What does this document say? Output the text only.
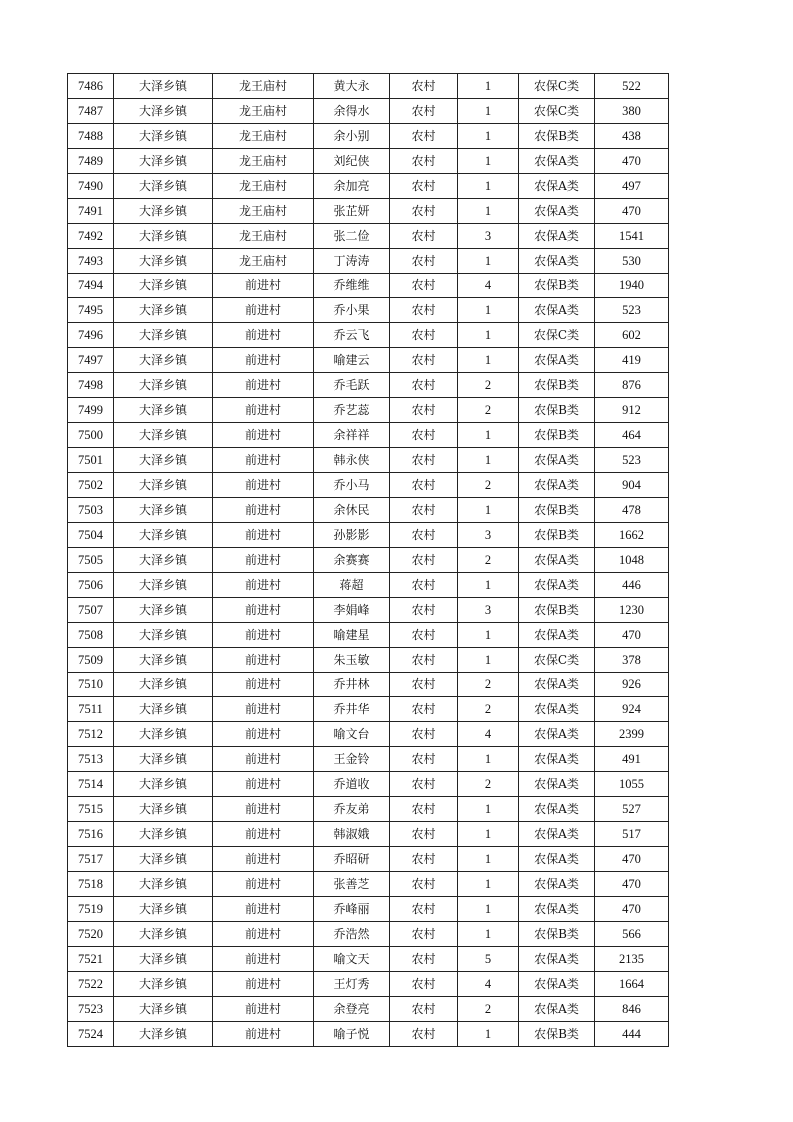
7486	大泽乡镇	龙王庙村	黄大永	农村	1	农保C类	522
7487	大泽乡镇	龙王庙村	余得水	农村	1	农保C类	380
7488	大泽乡镇	龙王庙村	余小别	农村	1	农保B类	438
7489	大泽乡镇	龙王庙村	刘纪侠	农村	1	农保A类	470
7490	大泽乡镇	龙王庙村	余加亮	农村	1	农保A类	497
7491	大泽乡镇	龙王庙村	张芷妍	农村	1	农保A类	470
7492	大泽乡镇	龙王庙村	张二俭	农村	3	农保A类	1541
7493	大泽乡镇	龙王庙村	丁涛涛	农村	1	农保A类	530
7494	大泽乡镇	前进村	乔维维	农村	4	农保B类	1940
7495	大泽乡镇	前进村	乔小果	农村	1	农保A类	523
7496	大泽乡镇	前进村	乔云飞	农村	1	农保C类	602
7497	大泽乡镇	前进村	喻建云	农村	1	农保A类	419
7498	大泽乡镇	前进村	乔毛跃	农村	2	农保B类	876
7499	大泽乡镇	前进村	乔艺蕊	农村	2	农保B类	912
7500	大泽乡镇	前进村	余祥祥	农村	1	农保B类	464
7501	大泽乡镇	前进村	韩永侠	农村	1	农保A类	523
7502	大泽乡镇	前进村	乔小马	农村	2	农保A类	904
7503	大泽乡镇	前进村	余休民	农村	1	农保B类	478
7504	大泽乡镇	前进村	孙影影	农村	3	农保B类	1662
7505	大泽乡镇	前进村	余赛赛	农村	2	农保A类	1048
7506	大泽乡镇	前进村	蒋超	农村	1	农保A类	446
7507	大泽乡镇	前进村	李娟峰	农村	3	农保B类	1230
7508	大泽乡镇	前进村	喻建星	农村	1	农保A类	470
7509	大泽乡镇	前进村	朱玉敏	农村	1	农保C类	378
7510	大泽乡镇	前进村	乔井林	农村	2	农保A类	926
7511	大泽乡镇	前进村	乔井华	农村	2	农保A类	924
7512	大泽乡镇	前进村	喻文台	农村	4	农保A类	2399
7513	大泽乡镇	前进村	王金铃	农村	1	农保A类	491
7514	大泽乡镇	前进村	乔道收	农村	2	农保A类	1055
7515	大泽乡镇	前进村	乔友弟	农村	1	农保A类	527
7516	大泽乡镇	前进村	韩淑娥	农村	1	农保A类	517
7517	大泽乡镇	前进村	乔昭研	农村	1	农保A类	470
7518	大泽乡镇	前进村	张善芝	农村	1	农保A类	470
7519	大泽乡镇	前进村	乔峰丽	农村	1	农保A类	470
7520	大泽乡镇	前进村	乔浩然	农村	1	农保B类	566
7521	大泽乡镇	前进村	喻文天	农村	5	农保A类	2135
7522	大泽乡镇	前进村	王灯秀	农村	4	农保A类	1664
7523	大泽乡镇	前进村	余登亮	农村	2	农保A类	846
7524	大泽乡镇	前进村	喻子悦	农村	1	农保B类	444
